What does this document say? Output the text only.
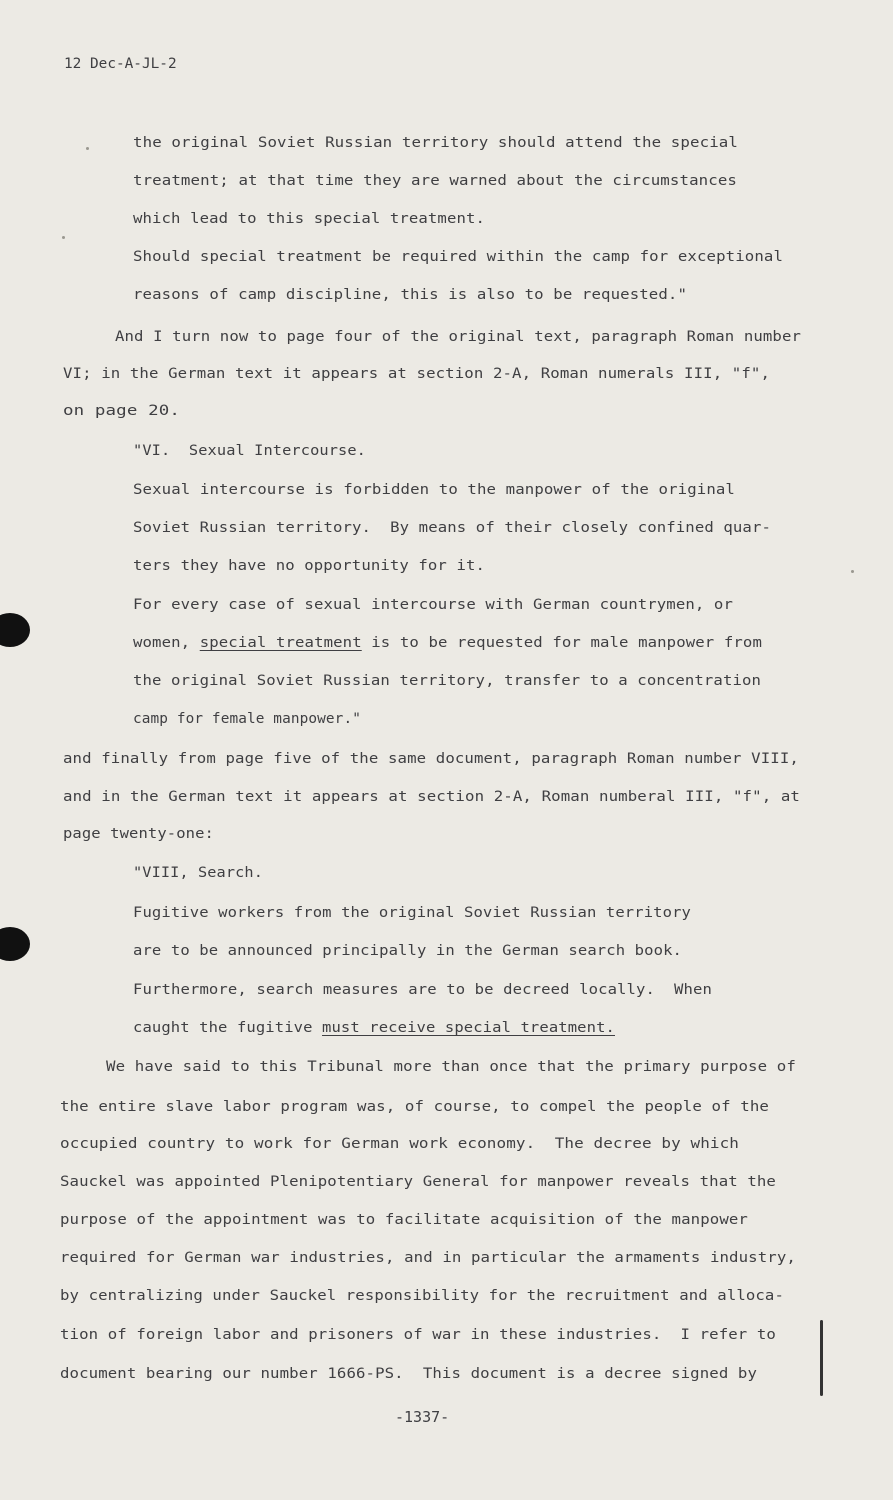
12 Dec-A-JL-2
the original Soviet Russian territory should attend the special
treatment; at that time they are warned about the circumstances
which lead to this special treatment.
Should special treatment be required within the camp for exceptional
reasons of camp discipline, this is also to be requested."
And I turn now to page four of the original text, paragraph Roman number
VI; in the German text it appears at section 2-A, Roman numerals III, "f",
on page 20.
"VI.  Sexual Intercourse.
Sexual intercourse is forbidden to the manpower of the original
Soviet Russian territory.  By means of their closely confined quar-
ters they have no opportunity for it.
For every case of sexual intercourse with German countrymen, or
women, special treatment is to be requested for male manpower from
the original Soviet Russian territory, transfer to a concentration
camp for female manpower."
and finally from page five of the same document, paragraph Roman number VIII,
and in the German text it appears at section 2-A, Roman numberal III, "f", at
page twenty-one:
"VIII, Search.
Fugitive workers from the original Soviet Russian territory
are to be announced principally in the German search book.
Furthermore, search measures are to be decreed locally.  When
caught the fugitive must receive special treatment.
We have said to this Tribunal more than once that the primary purpose of
the entire slave labor program was, of course, to compel the people of the
occupied country to work for German work economy.  The decree by which
Sauckel was appointed Plenipotentiary General for manpower reveals that the
purpose of the appointment was to facilitate acquisition of the manpower
required for German war industries, and in particular the armaments industry,
by centralizing under Sauckel responsibility for the recruitment and alloca-
tion of foreign labor and prisoners of war in these industries.  I refer to
document bearing our number 1666-PS.  This document is a decree signed by
-1337-
